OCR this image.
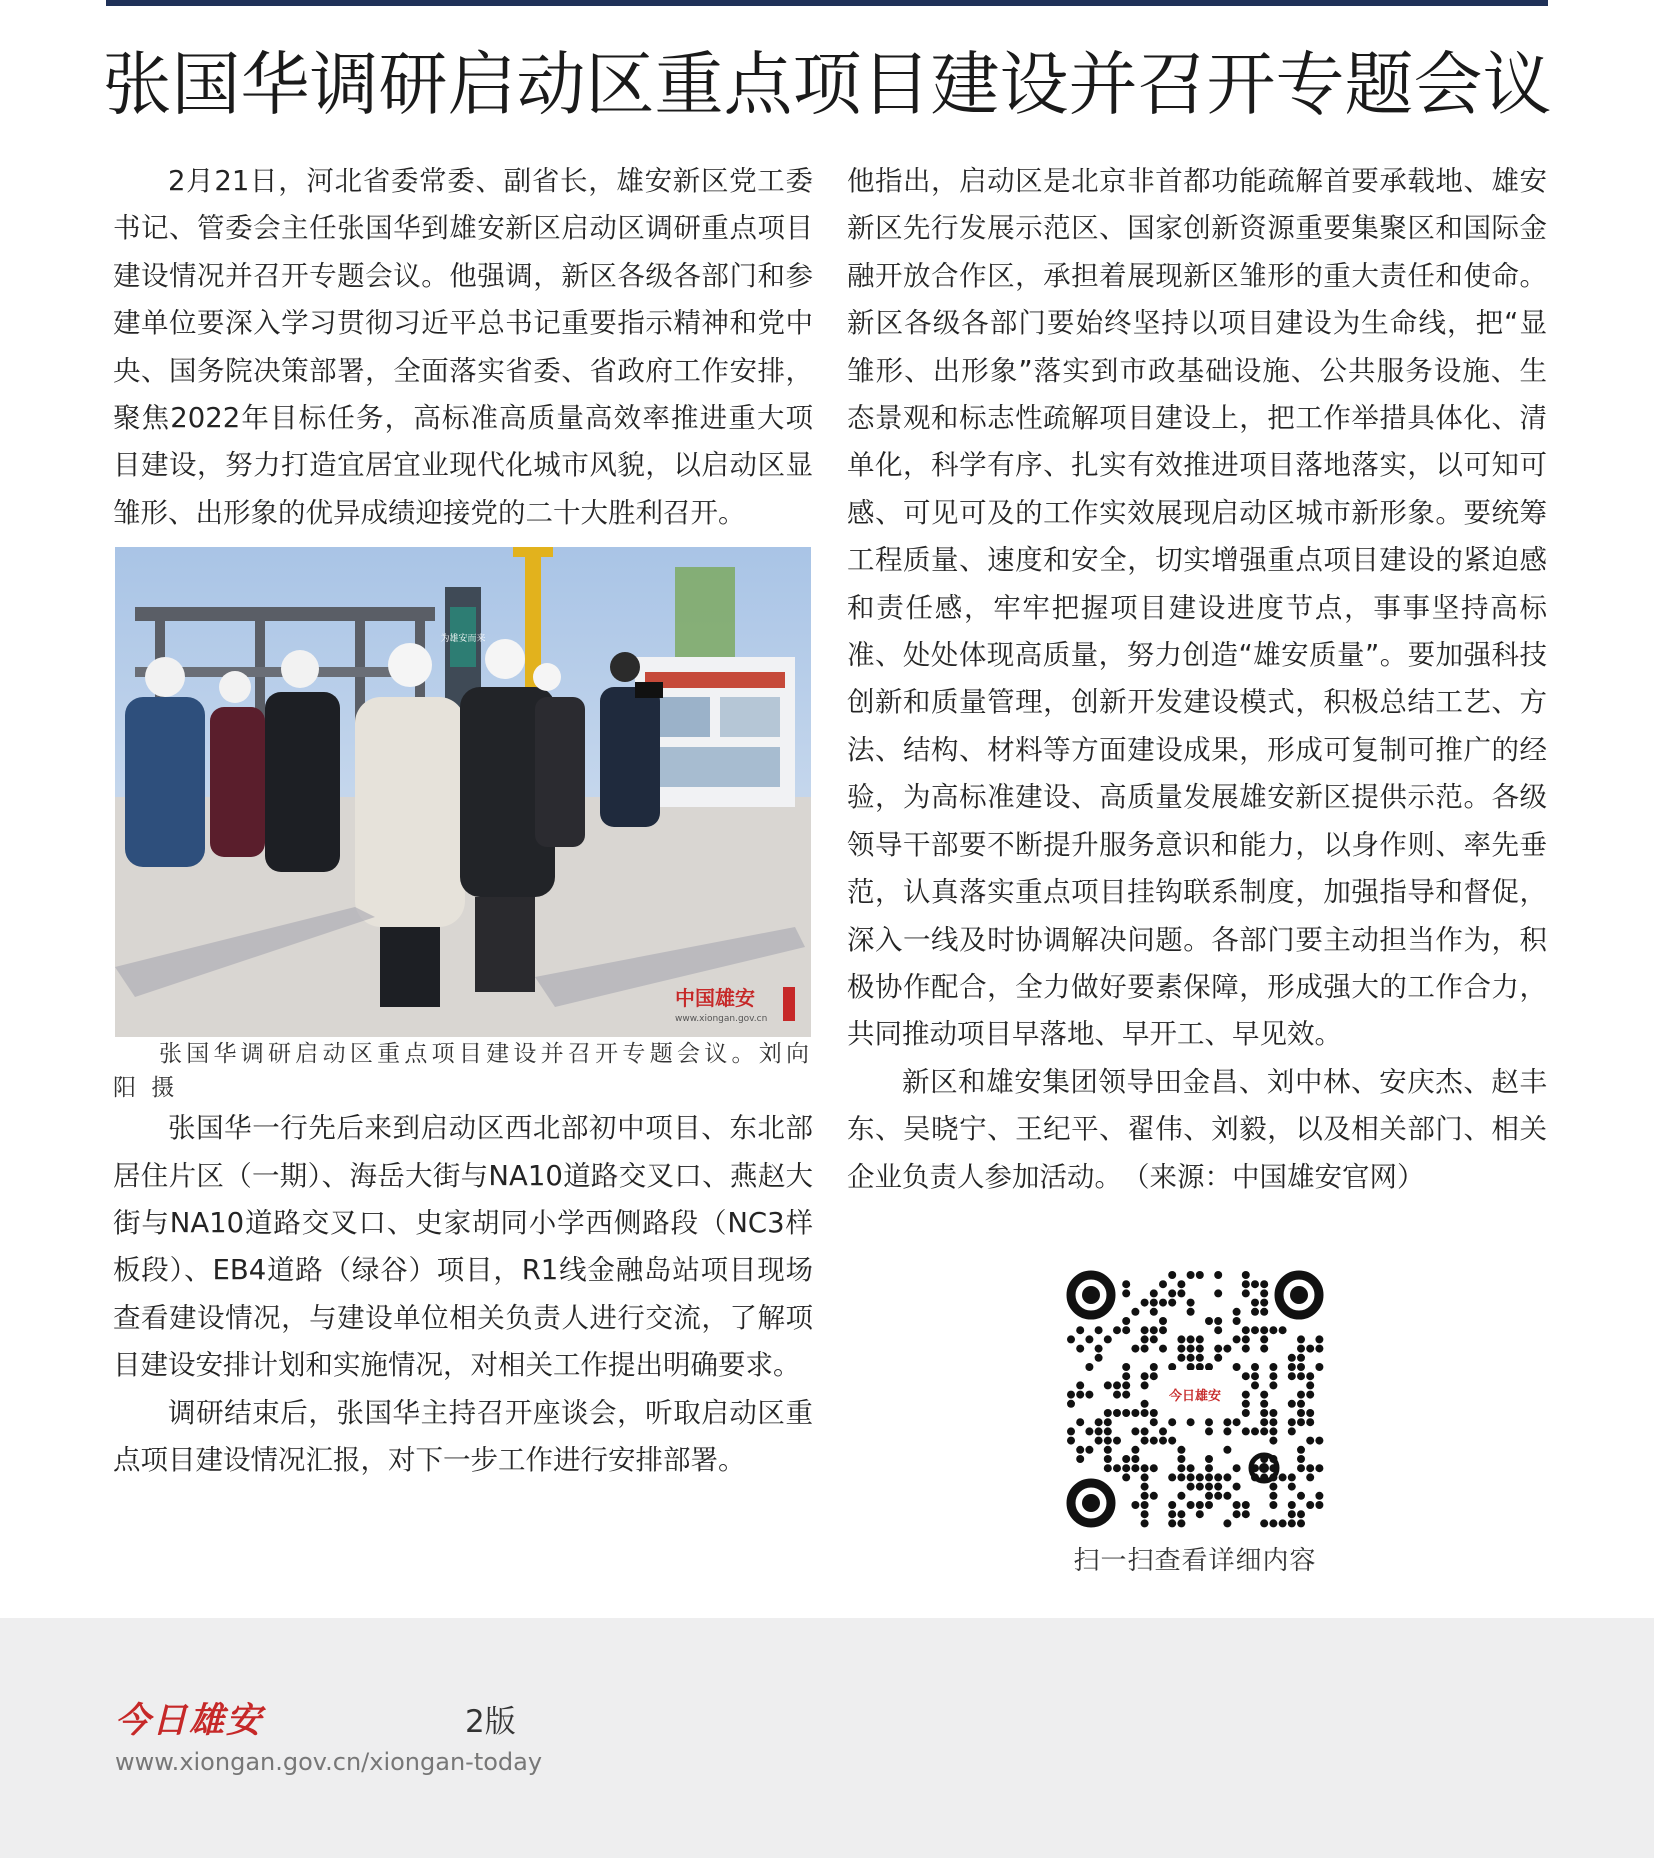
张国华调研启动区重点项目建设并召开专题会议

2月21日，河北省委常委、副省长，雄安新区党工委书记、管委会主任张国华到雄安新区启动区调研重点项目建设情况并召开专题会议。他强调，新区各级各部门和参建单位要深入学习贯彻习近平总书记重要指示精神和党中央、国务院决策部署，全面落实省委、省政府工作安排，聚焦2022年目标任务，高标准高质量高效率推进重大项目建设，努力打造宜居宜业现代化城市风貌，以启动区显雏形、出形象的优异成绩迎接党的二十大胜利召开。

为雄安而来
中国雄安
www.xiongan.gov.cn

张国华调研启动区重点项目建设并召开专题会议。刘向阳 摄

张国华一行先后来到启动区西北部初中项目、东北部居住片区（一期）、海岳大街与NA10道路交叉口、燕赵大街与NA10道路交叉口、史家胡同小学西侧路段（NC3样板段）、EB4道路（绿谷）项目，R1线金融岛站项目现场查看建设情况，与建设单位相关负责人进行交流，了解项目建设安排计划和实施情况，对相关工作提出明确要求。

调研结束后，张国华主持召开座谈会，听取启动区重点项目建设情况汇报，对下一步工作进行安排部署。

他指出，启动区是北京非首都功能疏解首要承载地、雄安新区先行发展示范区、国家创新资源重要集聚区和国际金融开放合作区，承担着展现新区雏形的重大责任和使命。新区各级各部门要始终坚持以项目建设为生命线，把“显雏形、出形象”落实到市政基础设施、公共服务设施、生态景观和标志性疏解项目建设上，把工作举措具体化、清单化，科学有序、扎实有效推进项目落地落实，以可知可感、可见可及的工作实效展现启动区城市新形象。要统筹工程质量、速度和安全，切实增强重点项目建设的紧迫感和责任感，牢牢把握项目建设进度节点，事事坚持高标准、处处体现高质量，努力创造“雄安质量”。要加强科技创新和质量管理，创新开发建设模式，积极总结工艺、方法、结构、材料等方面建设成果，形成可复制可推广的经验，为高标准建设、高质量发展雄安新区提供示范。各级领导干部要不断提升服务意识和能力，以身作则、率先垂范，认真落实重点项目挂钩联系制度，加强指导和督促，深入一线及时协调解决问题。各部门要主动担当作为，积极协作配合，全力做好要素保障，形成强大的工作合力，共同推动项目早落地、早开工、早见效。

新区和雄安集团领导田金昌、刘中林、安庆杰、赵丰东、吴晓宁、王纪平、翟伟、刘毅，以及相关部门、相关企业负责人参加活动。　（来源：中国雄安官网）

今日雄安
扫一扫查看详细内容
今日雄安	2版
www.xiongan.gov.cn/xiongan-today
